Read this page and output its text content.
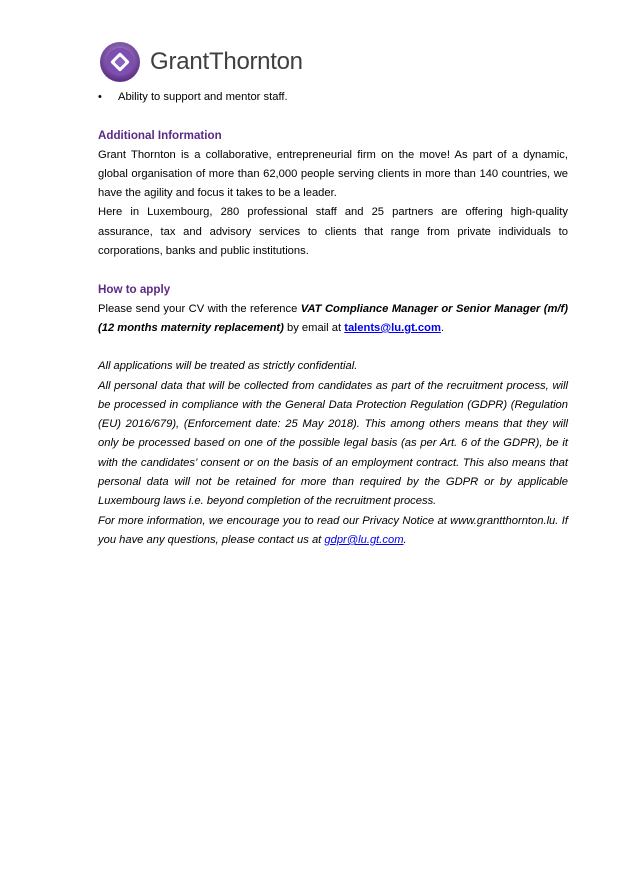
GrantThornton
•	Ability to support and mentor staff.
Additional Information

Grant Thornton is a collaborative, entrepreneurial firm on the move! As part of a dynamic, global organisation of more than 62,000 people serving clients in more than 140 countries, we have the agility and focus it takes to be a leader.

Here in Luxembourg, 280 professional staff and 25 partners are offering high-quality assurance, tax and advisory services to clients that range from private individuals to corporations, banks and public institutions.

How to apply

Please send your CV with the reference VAT Compliance Manager or Senior Manager (m/f) (12 months maternity replacement) by email at talents@lu.gt.com.

All applications will be treated as strictly confidential.

All personal data that will be collected from candidates as part of the recruitment process, will be processed in compliance with the General Data Protection Regulation (GDPR) (Regulation (EU) 2016/679), (Enforcement date: 25 May 2018). This among others means that they will only be processed based on one of the possible legal basis (as per Art. 6 of the GDPR), be it with the candidates’ consent or on the basis of an employment contract. This also means that personal data will not be retained for more than required by the GDPR or by applicable Luxembourg laws i.e. beyond completion of the recruitment process.

For more information, we encourage you to read our Privacy Notice at www.grantthornton.lu. If you have any questions, please contact us at gdpr@lu.gt.com.
